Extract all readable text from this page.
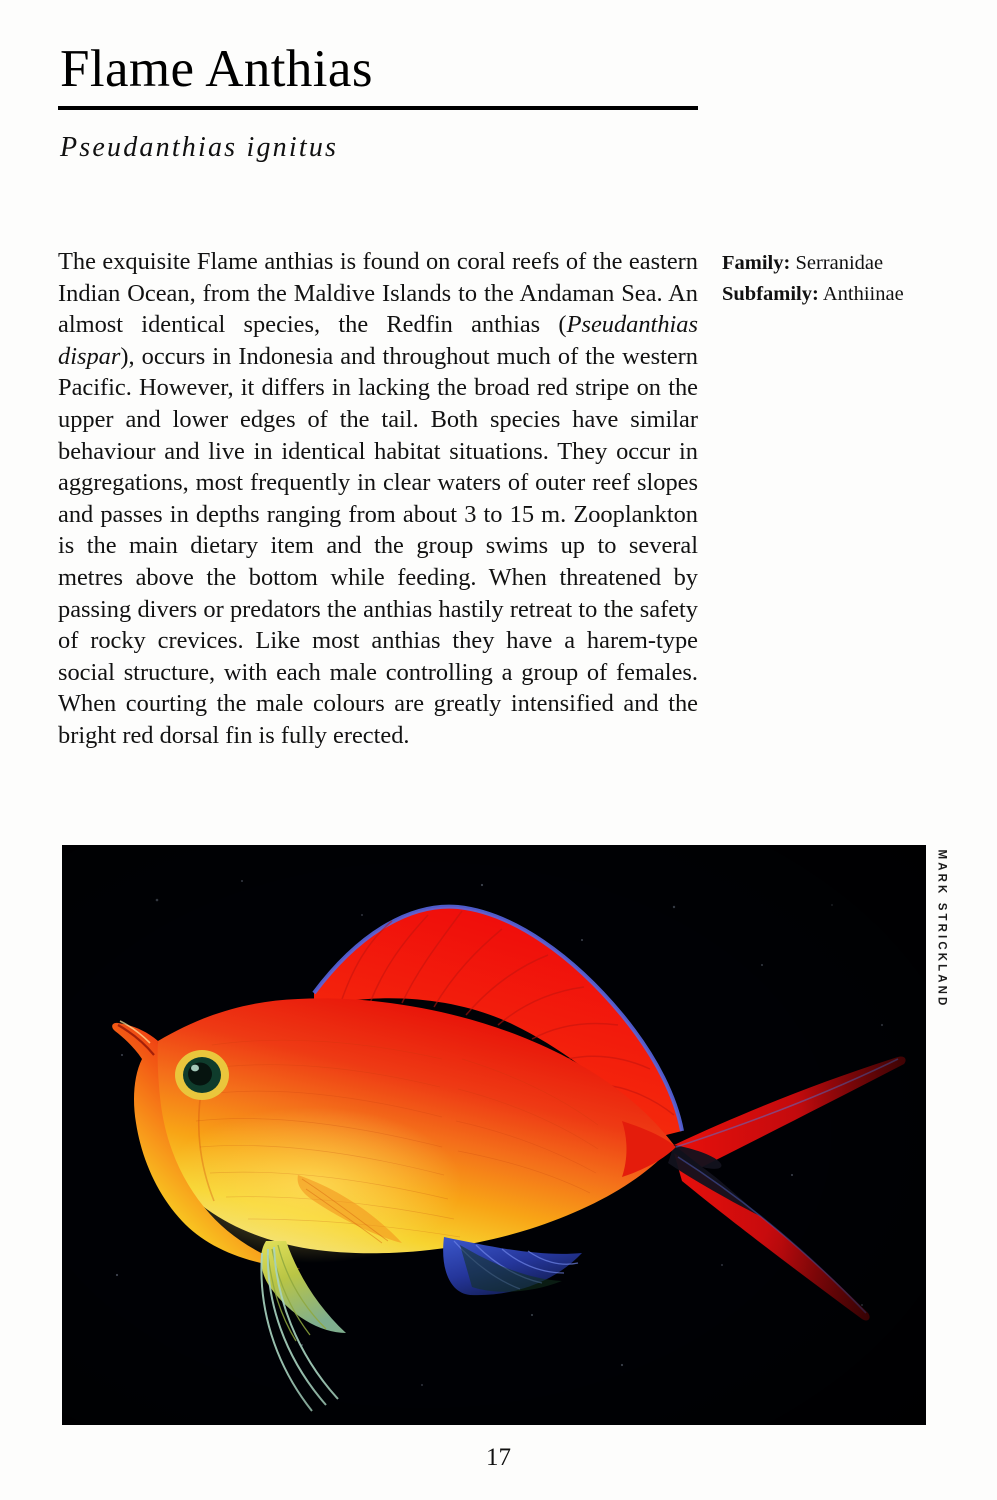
Flame Anthias
Pseudanthias ignitus

The exquisite Flame anthias is found on coral reefs of the eastern Indian Ocean, from the Maldive Islands to the Andaman Sea. An almost identical species, the Redfin anthias (Pseudanthias dispar), occurs in Indonesia and throughout much of the western Pacific. However, it differs in lacking the broad red stripe on the upper and lower edges of the tail. Both species have similar behaviour and live in identical habitat situations. They occur in aggregations, most frequently in clear waters of outer reef slopes and passes in depths ranging from about 3 to 15 m. Zooplankton is the main dietary item and the group swims up to several metres above the bottom while feeding. When threatened by passing divers or predators the anthias hastily retreat to the safety of rocky crevices. Like most anthias they have a harem-type social structure, with each male controlling a group of females. When courting the male colours are greatly intensified and the bright red dorsal fin is fully erected.

Family: Serranidae
Subfamily: Anthiinae
MARK STRICKLAND
17
